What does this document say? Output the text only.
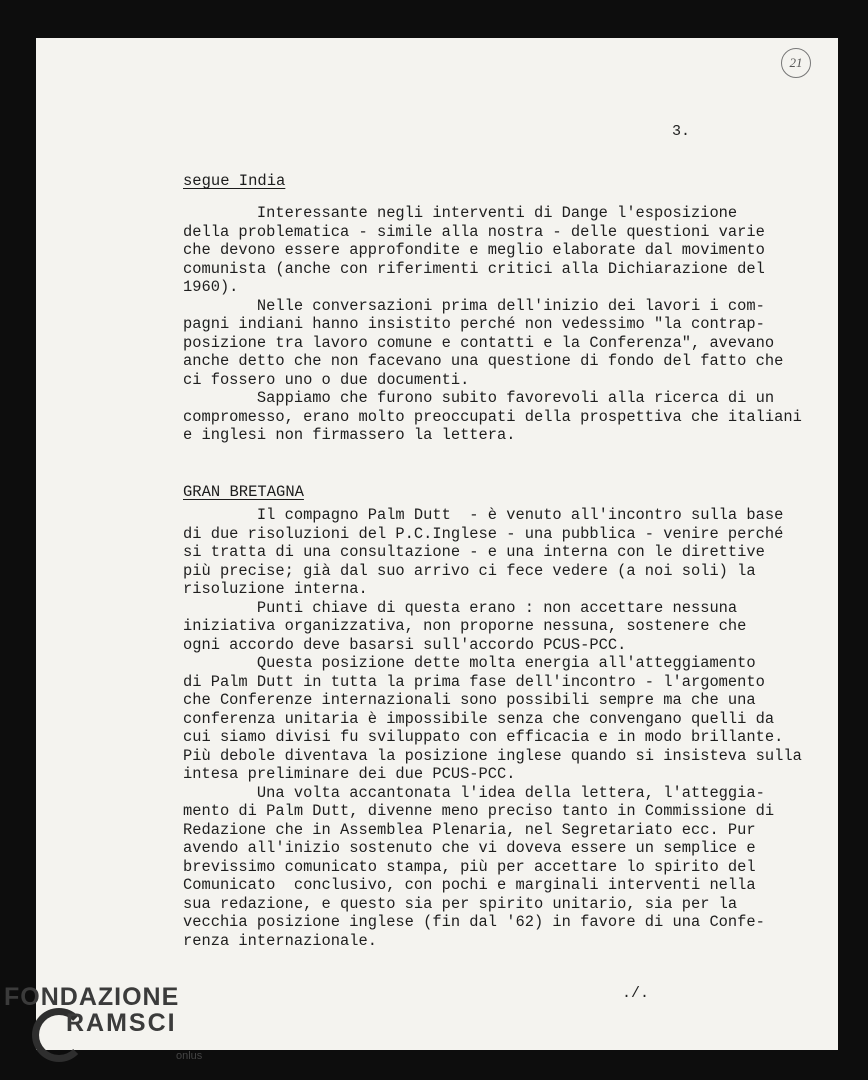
21
3.
segue India
Interessante negli interventi di Dange l'esposizione
della problematica - simile alla nostra - delle questioni varie
che devono essere approfondite e meglio elaborate dal movimento
comunista (anche con riferimenti critici alla Dichiarazione del
1960).
Nelle conversazioni prima dell'inizio dei lavori i com-
pagni indiani hanno insistito perché non vedessimo "la contrap-
posizione tra lavoro comune e contatti e la Conferenza", avevano
anche detto che non facevano una questione di fondo del fatto che
ci fossero uno o due documenti.
Sappiamo che furono subito favorevoli alla ricerca di un
compromesso, erano molto preoccupati della prospettiva che italiani
e inglesi non firmassero la lettera.
GRAN BRETAGNA
Il compagno Palm Dutt  - è venuto all'incontro sulla base
di due risoluzioni del P.C.Inglese - una pubblica - venire perché
si tratta di una consultazione - e una interna con le direttive
più precise; già dal suo arrivo ci fece vedere (a noi soli) la
risoluzione interna.
Punti chiave di questa erano : non accettare nessuna
iniziativa organizzativa, non proporne nessuna, sostenere che
ogni accordo deve basarsi sull'accordo PCUS-PCC.
Questa posizione dette molta energia all'atteggiamento
di Palm Dutt in tutta la prima fase dell'incontro - l'argomento
che Conferenze internazionali sono possibili sempre ma che una
conferenza unitaria è impossibile senza che convengano quelli da
cui siamo divisi fu sviluppato con efficacia e in modo brillante.
Più debole diventava la posizione inglese quando si insisteva sulla
intesa preliminare dei due PCUS-PCC.
Una volta accantonata l'idea della lettera, l'atteggia-
mento di Palm Dutt, divenne meno preciso tanto in Commissione di
Redazione che in Assemblea Plenaria, nel Segretariato ecc. Pur
avendo all'inizio sostenuto che vi doveva essere un semplice e
brevissimo comunicato stampa, più per accettare lo spirito del
Comunicato  conclusivo, con pochi e marginali interventi nella
sua redazione, e questo sia per spirito unitario, sia per la
vecchia posizione inglese (fin dal '62) in favore di una Confe-
renza internazionale.
./.
FONDAZIONE
RAMSCI
onlus
